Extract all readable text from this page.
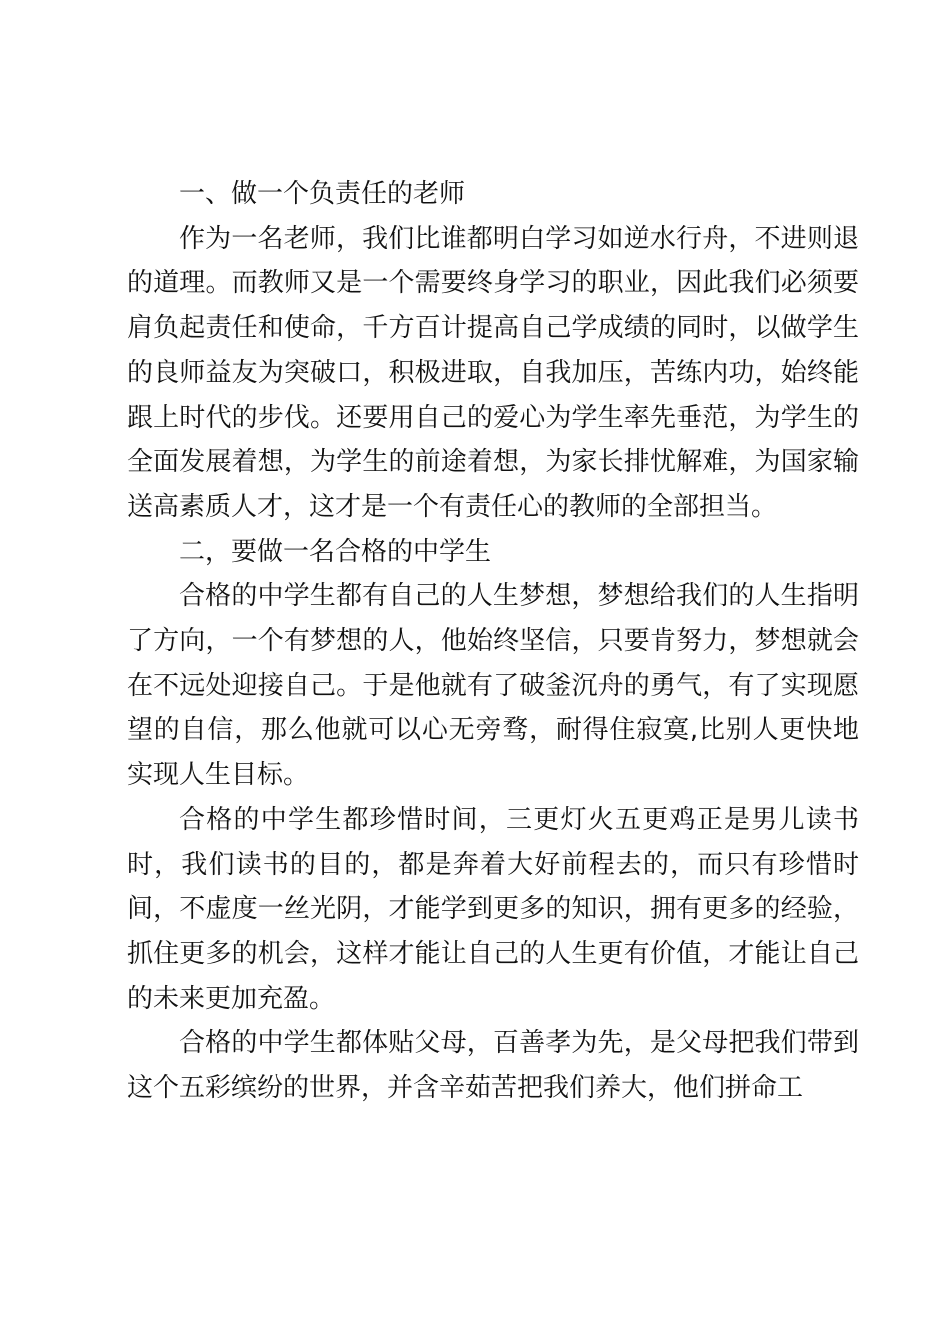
一、做一个负责任的老师

作为一名老师，我们比谁都明白学习如逆水行舟，不进则退的道理。而教师又是一个需要终身学习的职业，因此我们必须要肩负起责任和使命，千方百计提高自己学成绩的同时，以做学生的良师益友为突破口，积极进取，自我加压，苦练内功，始终能跟上时代的步伐。还要用自己的爱心为学生率先垂范，为学生的全面发展着想，为学生的前途着想，为家长排忧解难，为国家输送高素质人才，这才是一个有责任心的教师的全部担当。

二，要做一名合格的中学生

合格的中学生都有自己的人生梦想，梦想给我们的人生指明了方向，一个有梦想的人，他始终坚信，只要肯努力，梦想就会在不远处迎接自己。于是他就有了破釜沉舟的勇气，有了实现愿望的自信，那么他就可以心无旁骛，耐得住寂寞,比别人更快地实现人生目标。

合格的中学生都珍惜时间，三更灯火五更鸡正是男儿读书时，我们读书的目的，都是奔着大好前程去的，而只有珍惜时间，不虚度一丝光阴，才能学到更多的知识，拥有更多的经验，抓住更多的机会，这样才能让自己的人生更有价值，才能让自己的未来更加充盈。

合格的中学生都体贴父母，百善孝为先，是父母把我们带到这个五彩缤纷的世界，并含辛茹苦把我们养大，他们拼命工
